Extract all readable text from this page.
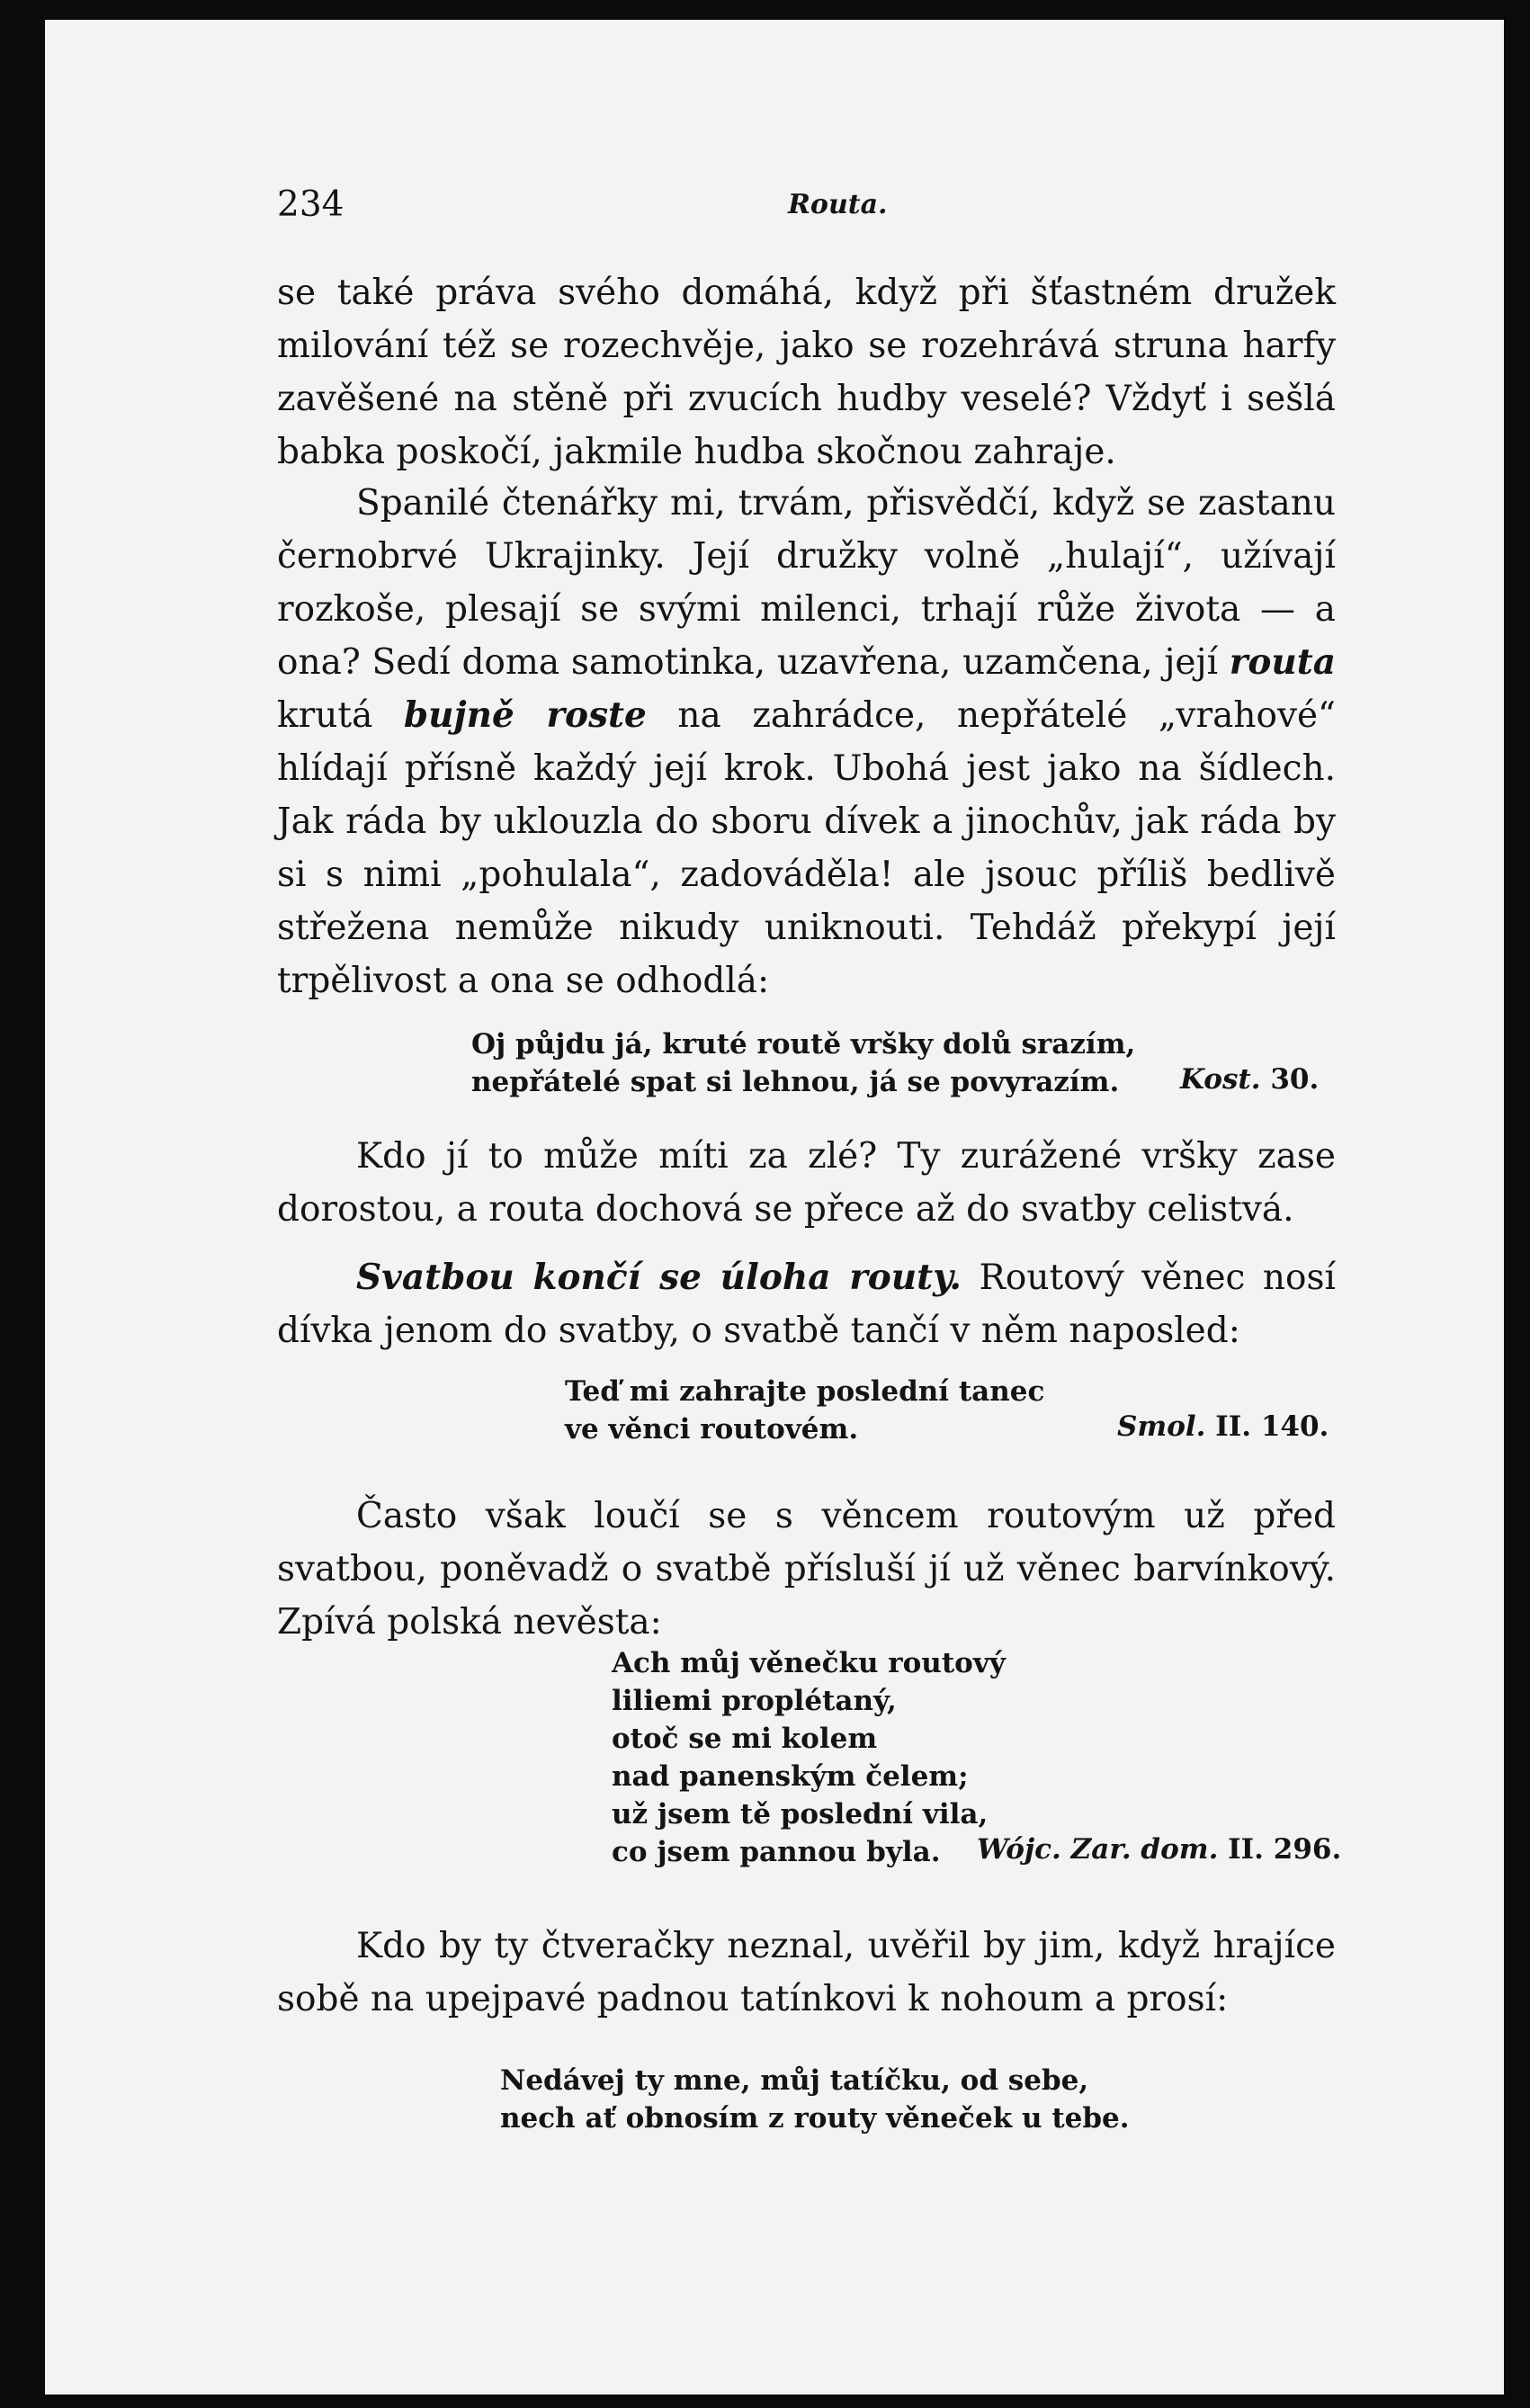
234	Routa.

se také práva svého domáhá, když při šťastném družek milování též se rozechvěje, jako se rozehrává struna harfy zavěšené na stěně při zvucích hudby veselé? Vždyť i sešlá babka poskočí, jakmile hudba skočnou zahraje.

Spanilé čtenářky mi, trvám, přisvědčí, když se zastanu černobrvé Ukrajinky. Její družky volně „hulají“, užívají rozkoše, plesají se svými milenci, trhají růže života — a ona? Sedí doma samotinka, uzavřena, uzamčena, její routa krutá bujně roste na zahrádce, nepřátelé „vrahové“ hlídají přísně každý její krok. Ubohá jest jako na šídlech. Jak ráda by uklouzla do sboru dívek a jinochův, jak ráda by si s nimi „pohulala“, zadováděla! ale jsouc příliš bedlivě střežena nemůže nikudy uniknouti. Tehdáž překypí její trpělivost a ona se odhodlá:

Oj půjdu já, kruté routě vršky dolů srazím,
nepřátelé spat si lehnou, já se povyrazím.	Kost. 30.

Kdo jí to může míti za zlé? Ty zurážené vršky zase dorostou, a routa dochová se přece až do svatby celistvá.

Svatbou končí se úloha routy. Routový věnec nosí dívka jenom do svatby, o svatbě tančí v něm naposled:

Teď mi zahrajte poslední tanec
ve věnci routovém.	Smol. II. 140.

Často však loučí se s věncem routovým už před svatbou, poněvadž o svatbě přísluší jí už věnec barvínkový. Zpívá polská nevěsta:

Ach můj věnečku routový
liliemi proplétaný,
otoč se mi kolem
nad panenským čelem;
už jsem tě poslední vila,
co jsem pannou byla.	Wójc. Zar. dom. II. 296.

Kdo by ty čtveračky neznal, uvěřil by jim, když hrajíce sobě na upejpavé padnou tatínkovi k nohoum a prosí:

Nedávej ty mne, můj tatíčku, od sebe,
nech ať obnosím z routy věneček u tebe.
